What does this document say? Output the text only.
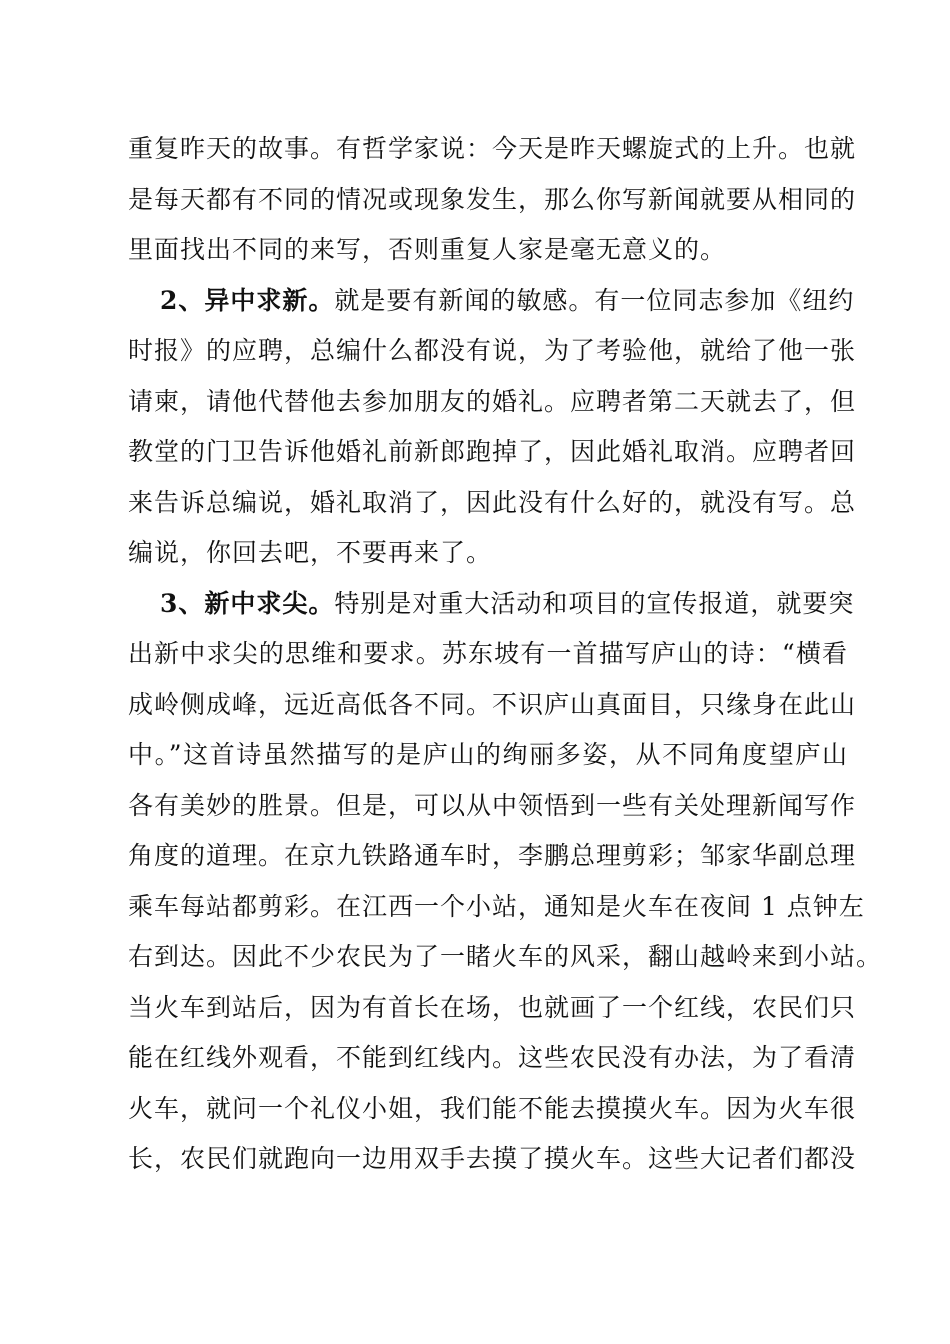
重复昨天的故事。有哲学家说：今天是昨天螺旋式的上升。也就
是每天都有不同的情况或现象发生，那么你写新闻就要从相同的
里面找出不同的来写，否则重复人家是毫无意义的。
2、异中求新。就是要有新闻的敏感。有一位同志参加《纽约
时报》的应聘，总编什么都没有说，为了考验他，就给了他一张
请柬，请他代替他去参加朋友的婚礼。应聘者第二天就去了，但
教堂的门卫告诉他婚礼前新郎跑掉了，因此婚礼取消。应聘者回
来告诉总编说，婚礼取消了，因此没有什么好的，就没有写。总
编说，你回去吧，不要再来了。
3、新中求尖。特别是对重大活动和项目的宣传报道，就要突
出新中求尖的思维和要求。苏东坡有一首描写庐山的诗：“横看
成岭侧成峰，远近高低各不同。不识庐山真面目，只缘身在此山
中。”这首诗虽然描写的是庐山的绚丽多姿，从不同角度望庐山
各有美妙的胜景。但是，可以从中领悟到一些有关处理新闻写作
角度的道理。在京九铁路通车时，李鹏总理剪彩；邹家华副总理
乘车每站都剪彩。在江西一个小站，通知是火车在夜间 1 点钟左
右到达。因此不少农民为了一睹火车的风采，翻山越岭来到小站。
当火车到站后，因为有首长在场，也就画了一个红线，农民们只
能在红线外观看，不能到红线内。这些农民没有办法，为了看清
火车，就问一个礼仪小姐，我们能不能去摸摸火车。因为火车很
长，农民们就跑向一边用双手去摸了摸火车。这些大记者们都没
